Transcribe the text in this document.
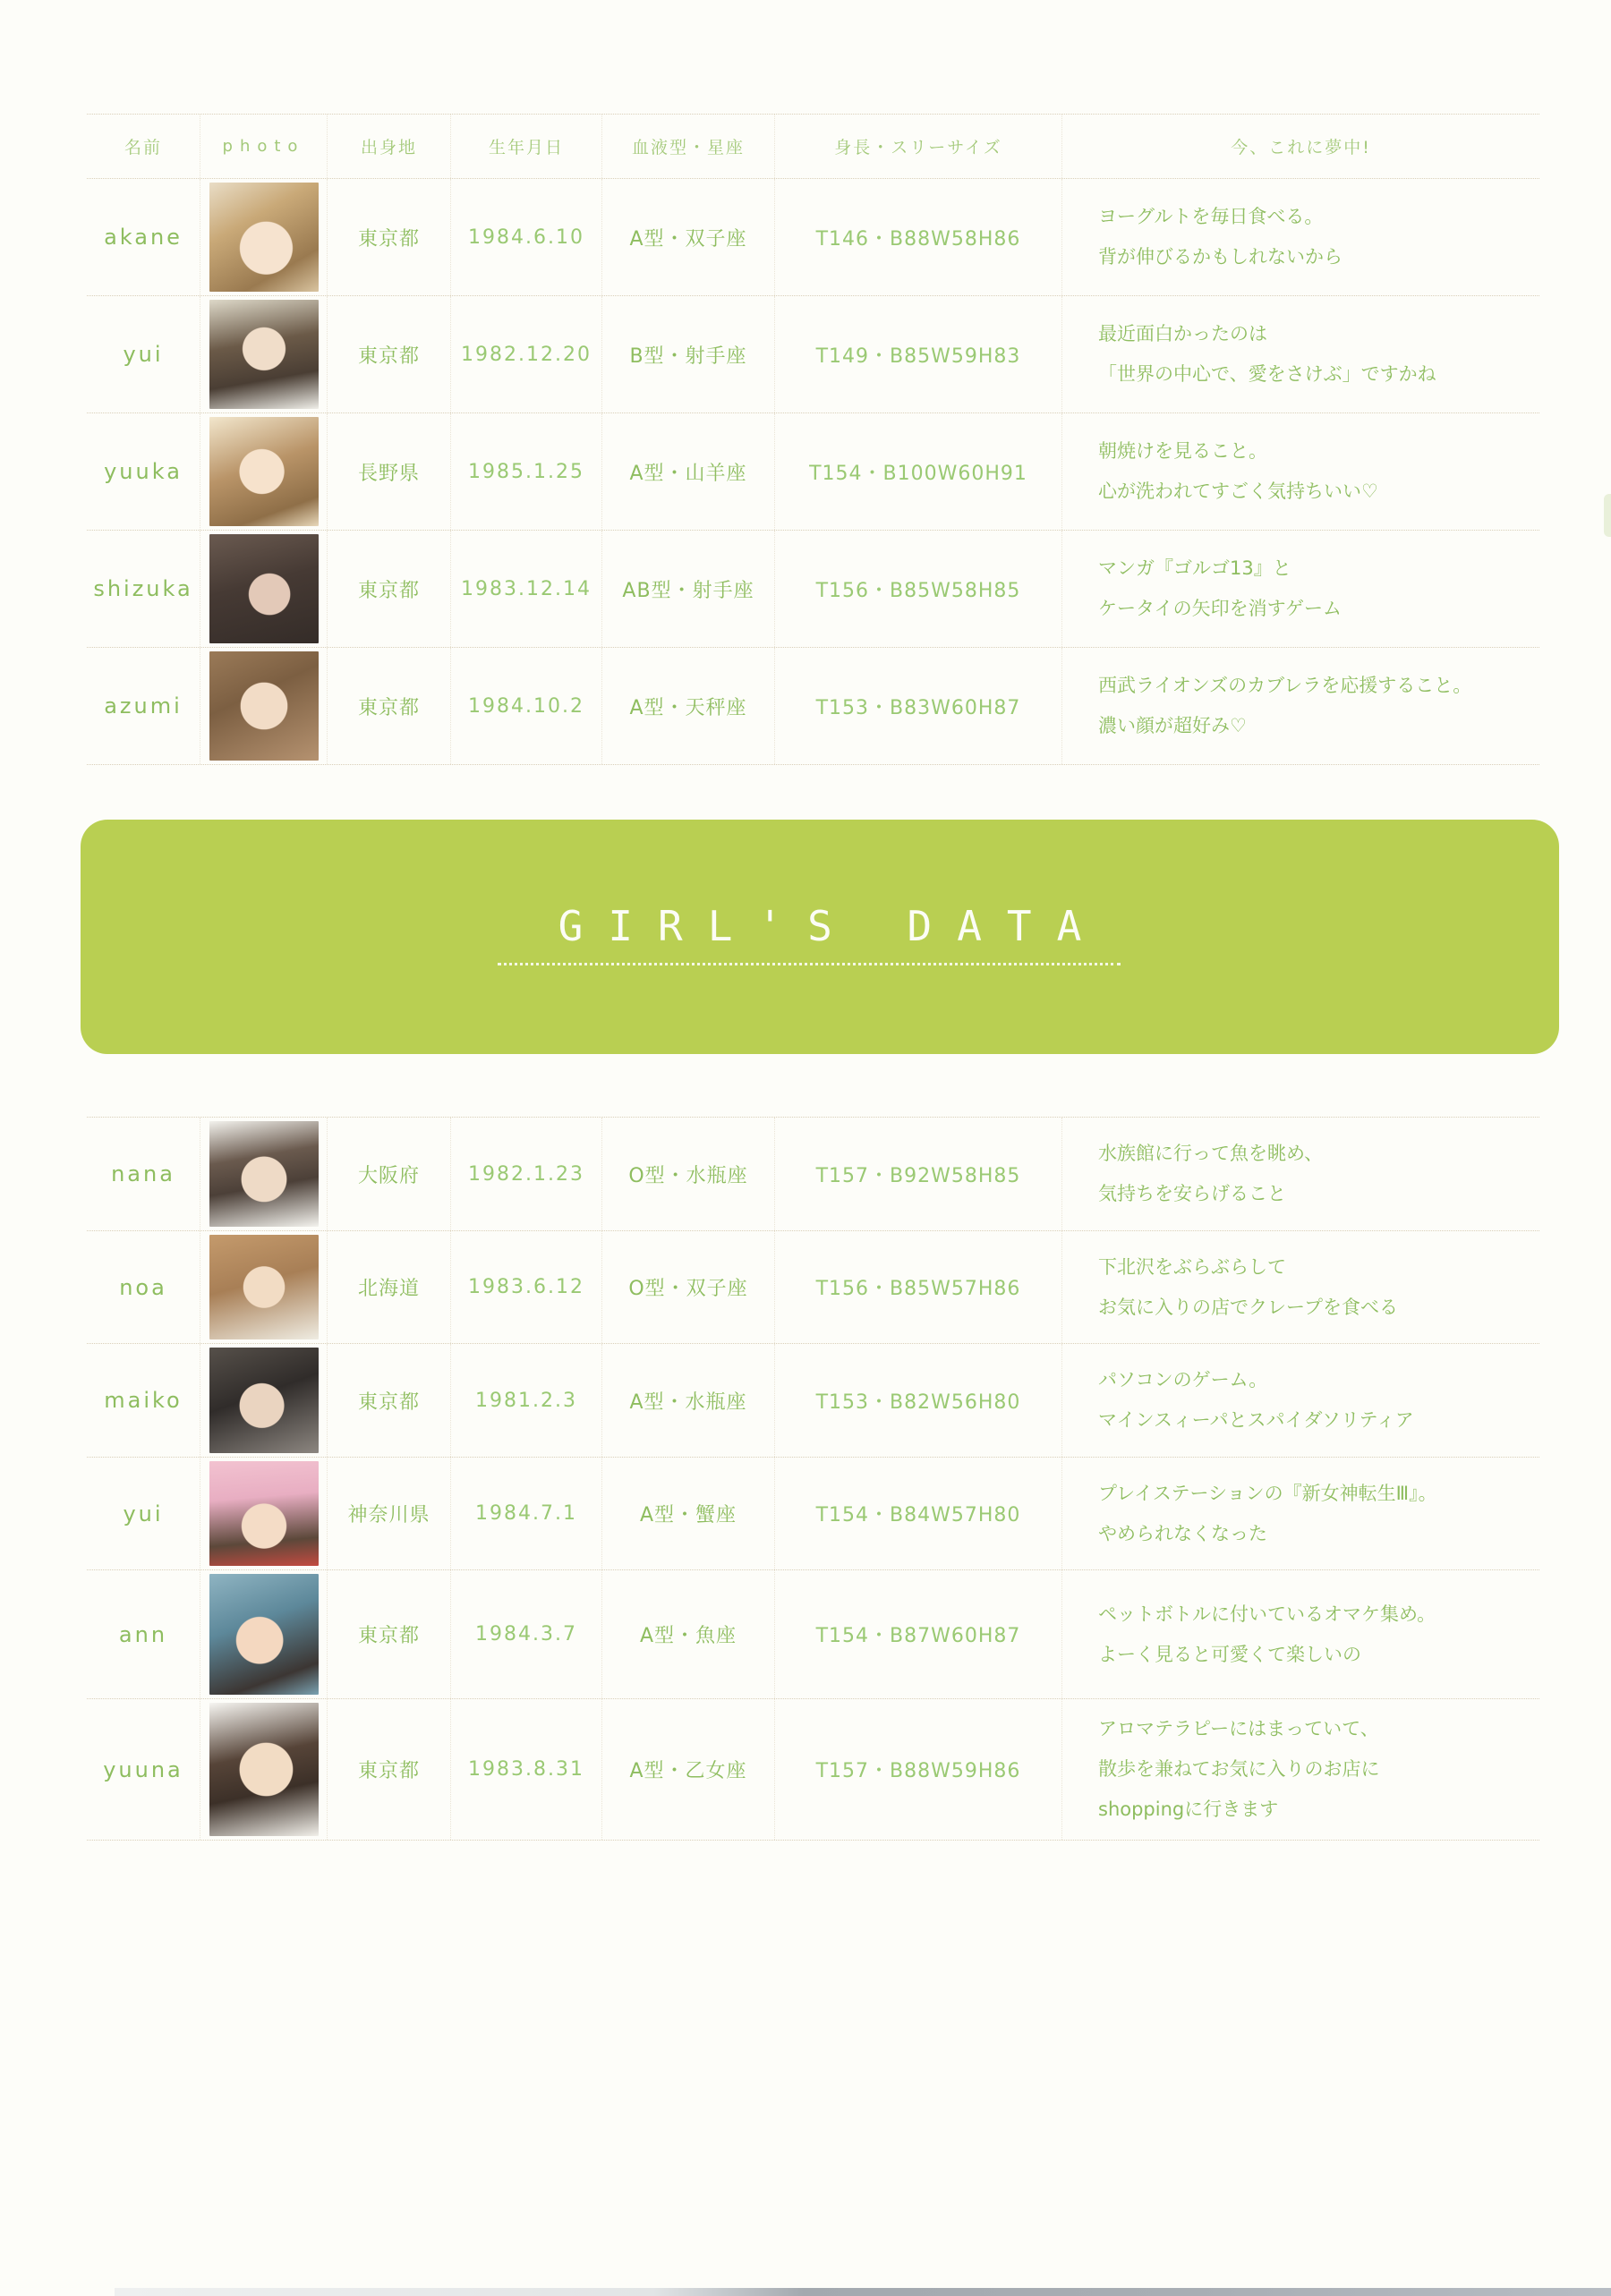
名前	photo	出身地	生年月日	血液型・星座	身長・スリーサイズ	今、これに夢中!
akane	東京都	1984.6.10	A型・双子座	T146・B88W58H86
ヨーグルトを毎日食べる。
背が伸びるかもしれないから
yui	東京都	1982.12.20	B型・射手座	T149・B85W59H83
最近面白かったのは
「世界の中心で、愛をさけぶ」ですかね
yuuka	長野県	1985.1.25	A型・山羊座	T154・B100W60H91
朝焼けを見ること。
心が洗われてすごく気持ちいい♡
shizuka	東京都	1983.12.14	AB型・射手座	T156・B85W58H85
マンガ『ゴルゴ13』と
ケータイの矢印を消すゲーム
azumi	東京都	1984.10.2	A型・天秤座	T153・B83W60H87
西武ライオンズのカブレラを応援すること。
濃い顔が超好み♡
GIRL'S DATA
nana	大阪府	1982.1.23	O型・水瓶座	T157・B92W58H85
水族館に行って魚を眺め、
気持ちを安らげること
noa	北海道	1983.6.12	O型・双子座	T156・B85W57H86
下北沢をぶらぶらして
お気に入りの店でクレープを食べる
maiko	東京都	1981.2.3	A型・水瓶座	T153・B82W56H80
パソコンのゲーム。
マインスィーパとスパイダソリティア
yui	神奈川県	1984.7.1	A型・蟹座	T154・B84W57H80
プレイステーションの『新女神転生Ⅲ』。
やめられなくなった
ann	東京都	1984.3.7	A型・魚座	T154・B87W60H87
ペットボトルに付いているオマケ集め。
よーく見ると可愛くて楽しいの
yuuna	東京都	1983.8.31	A型・乙女座	T157・B88W59H86
アロマテラピーにはまっていて、
散歩を兼ねてお気に入りのお店に
shoppingに行きます
